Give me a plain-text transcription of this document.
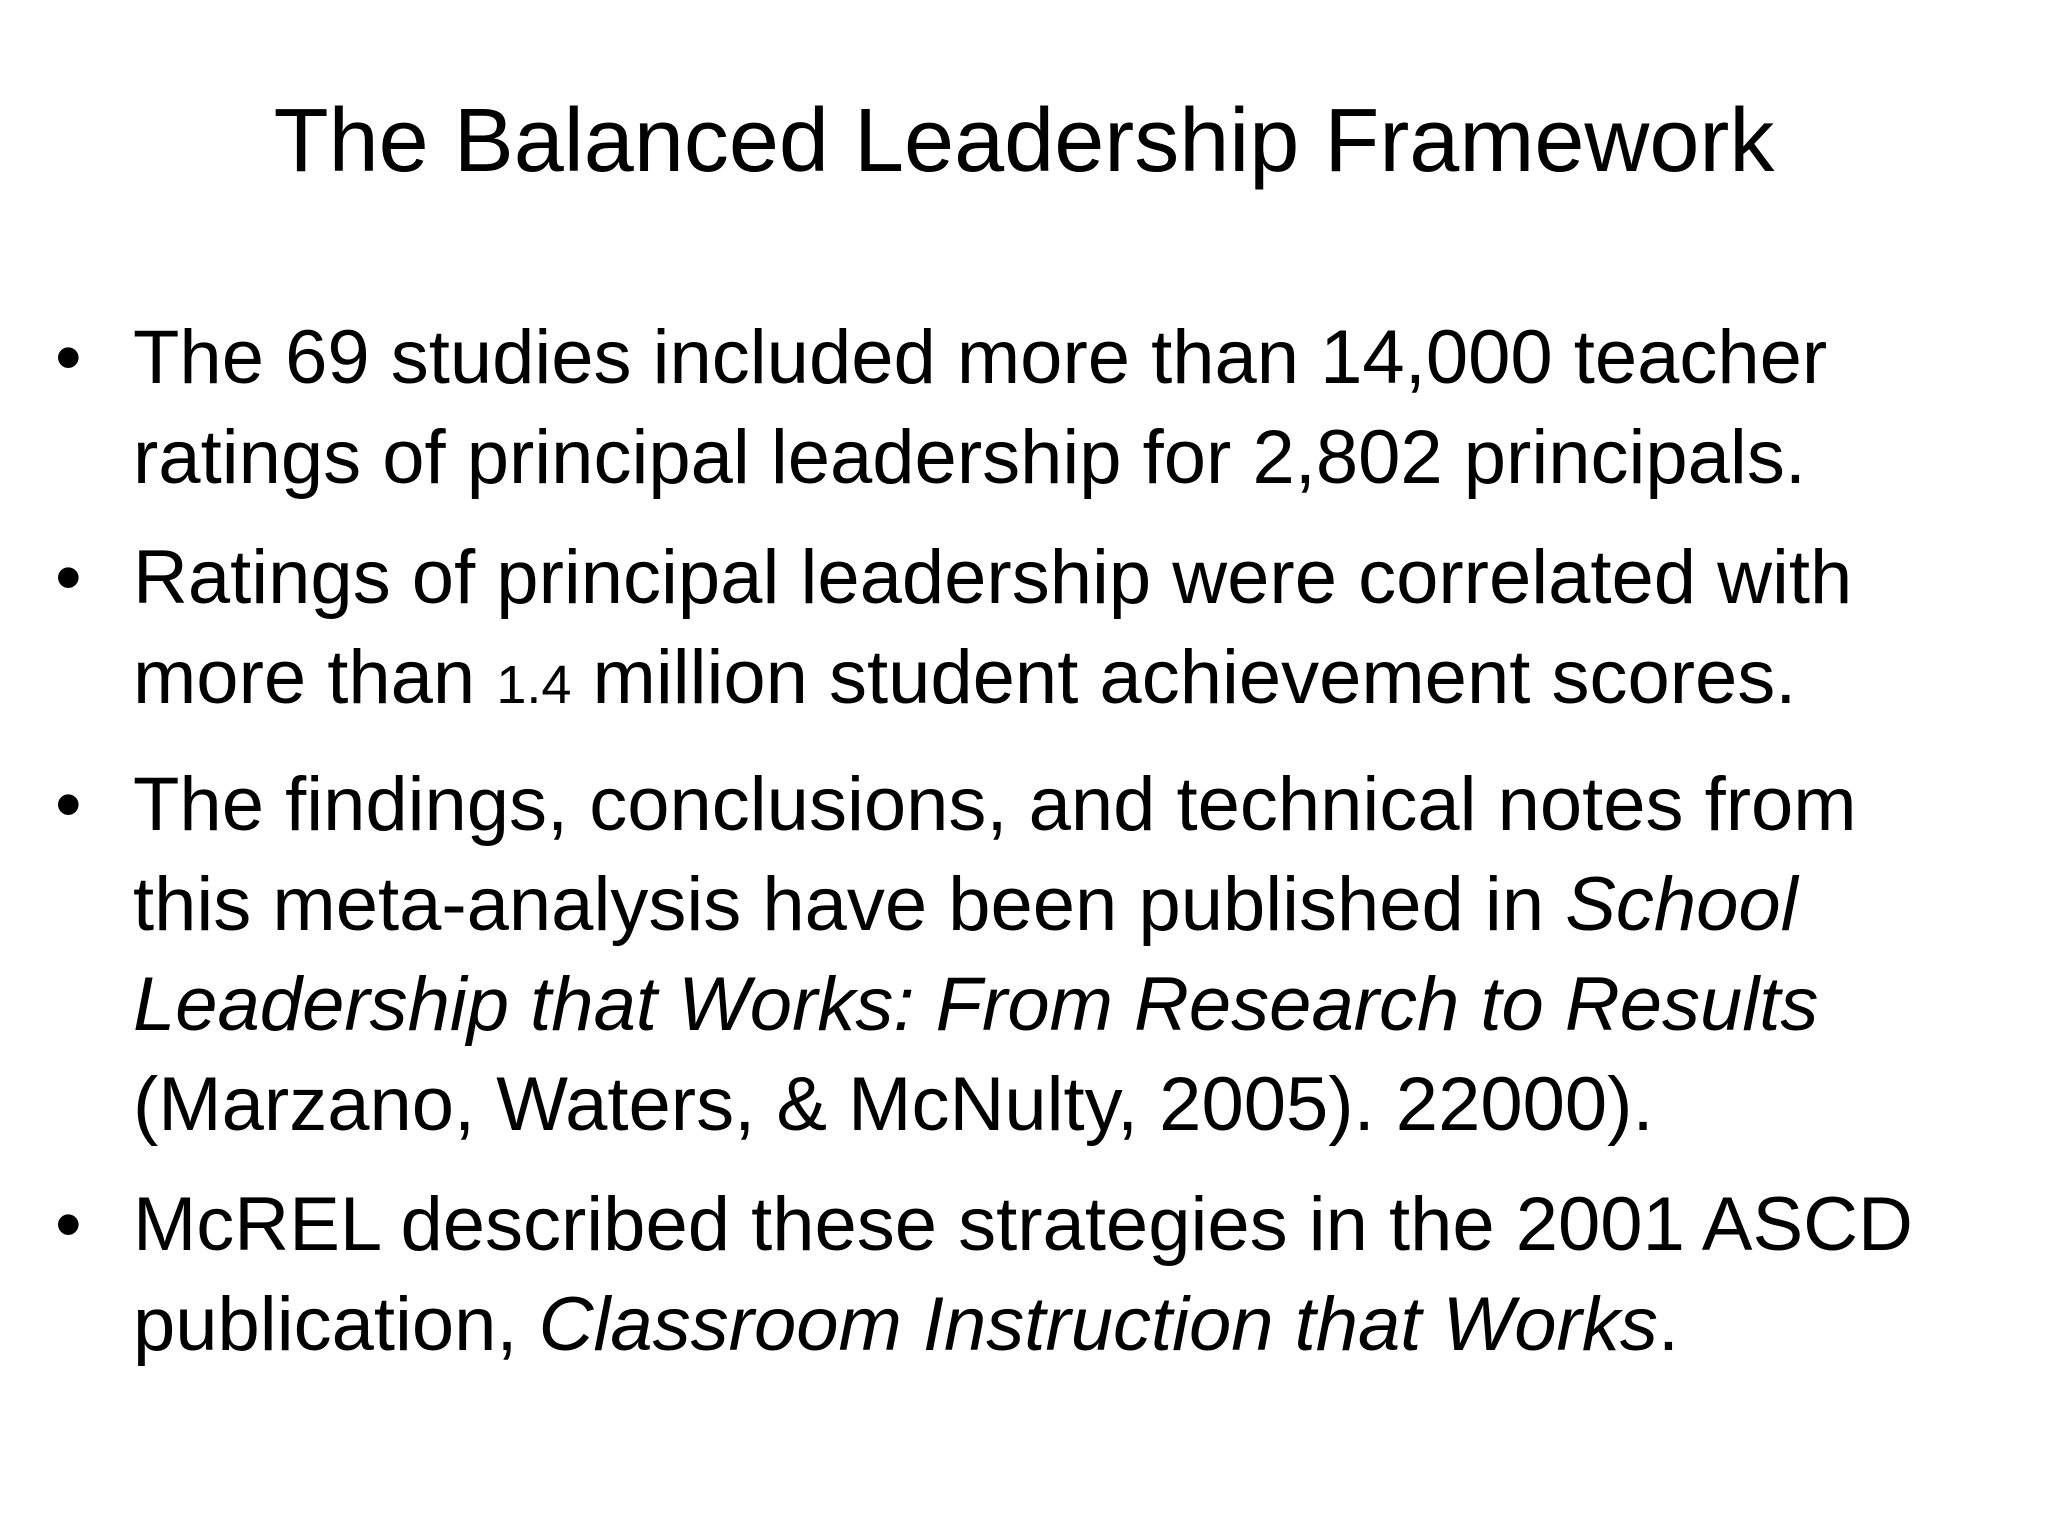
The Balanced Leadership Framework
• The 69 studies included more than 14,000 teacher ratings of principal leadership for 2,802 principals.
• Ratings of principal leadership were correlated with more than 1.4 million student achievement scores.
• The findings, conclusions, and technical notes from this meta-analysis have been published in School Leadership that Works: From Research to Results (Marzano, Waters, & McNulty, 2005). 22000).
• McREL described these strategies in the 2001 ASCD publication, Classroom Instruction that Works.
